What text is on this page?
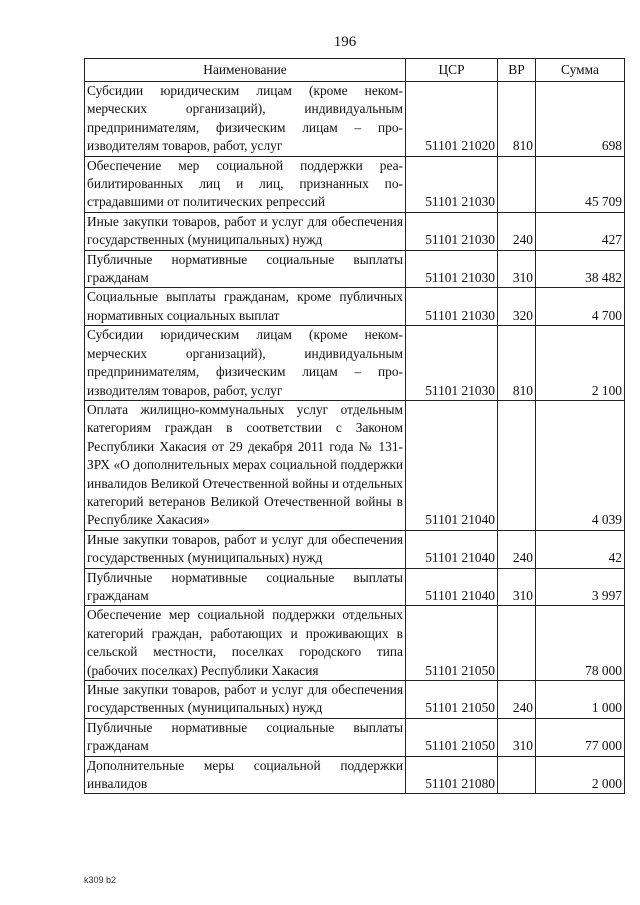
196
Наименование	ЦСР	ВР	Сумма
Субсидии юридическим лицам (кроме некоммерческих организаций), индивидуальным предпринимателям, физическим лицам – производителям товаров, работ, услуг	51101 21020	810	698
Обеспечение мер социальной поддержки реабилитированных лиц и лиц, признанных пострадавшими от политических репрессий	51101 21030		45 709
Иные закупки товаров, работ и услуг для обеспечения государственных (муниципальных) нужд	51101 21030	240	427
Публичные нормативные социальные выплаты гражданам	51101 21030	310	38 482
Социальные выплаты гражданам, кроме публичных нормативных социальных выплат	51101 21030	320	4 700
Субсидии юридическим лицам (кроме некоммерческих организаций), индивидуальным предпринимателям, физическим лицам – производителям товаров, работ, услуг	51101 21030	810	2 100
Оплата жилищно-коммунальных услуг отдельным категориям граждан в соответствии с Законом Республики Хакасия от 29 декабря 2011 года № 131-ЗРХ «О дополнительных мерах социальной поддержки инвалидов Великой Отечественной войны и отдельных категорий ветеранов Великой Отечественной войны в Республике Хакасия»	51101 21040		4 039
Иные закупки товаров, работ и услуг для обеспечения государственных (муниципальных) нужд	51101 21040	240	42
Публичные нормативные социальные выплаты гражданам	51101 21040	310	3 997
Обеспечение мер социальной поддержки отдельных категорий граждан, работающих и проживающих в сельской местности, поселках городского типа (рабочих поселках) Республики Хакасия	51101 21050		78 000
Иные закупки товаров, работ и услуг для обеспечения государственных (муниципальных) нужд	51101 21050	240	1 000
Публичные нормативные социальные выплаты гражданам	51101 21050	310	77 000
Дополнительные меры социальной поддержки инвалидов	51101 21080		2 000
k309 b2
